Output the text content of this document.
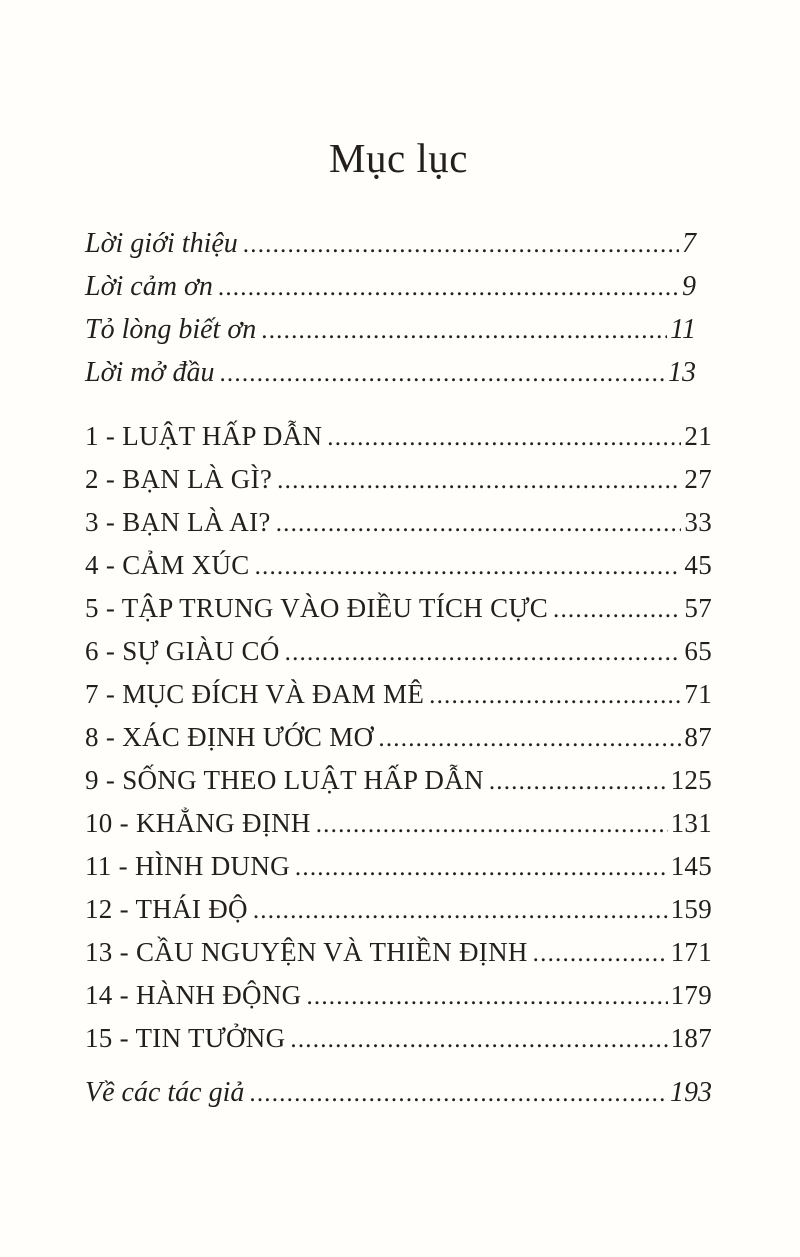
Mục lục
Lời giới thiệu .....	7
Lời cảm ơn .....	9
Tỏ lòng biết ơn .....	11
Lời mở đầu .....	13
1 - LUẬT HẤP DẪN .....	21
2 - BẠN LÀ GÌ? .....	27
3 - BẠN LÀ AI? .....	33
4 - CẢM XÚC .....	45
5 - TẬP TRUNG VÀO ĐIỀU TÍCH CỰC .....	57
6 - SỰ GIÀU CÓ .....	65
7 - MỤC ĐÍCH VÀ ĐAM MÊ .....	71
8 - XÁC ĐỊNH ƯỚC MƠ .....	87
9 - SỐNG THEO LUẬT HẤP DẪN .....	125
10 - KHẲNG ĐỊNH .....	131
11 - HÌNH DUNG .....	145
12 - THÁI ĐỘ .....	159
13 - CẦU NGUYỆN VÀ THIỀN ĐỊNH .....	171
14 - HÀNH ĐỘNG .....	179
15 - TIN TƯỞNG .....	187
Về các tác giả .....	193
